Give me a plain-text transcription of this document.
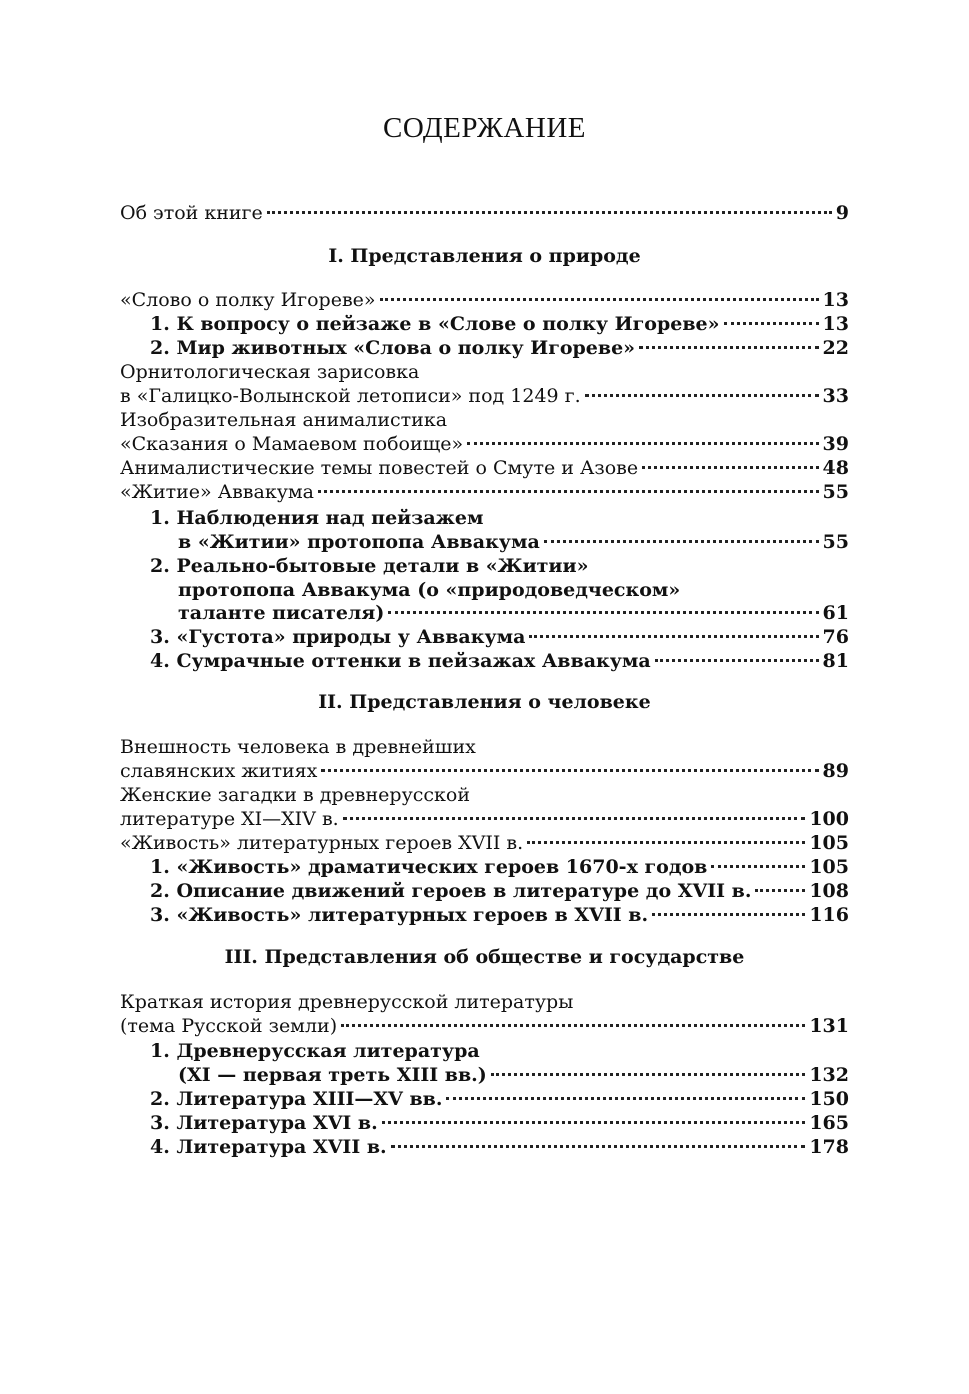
СОДЕРЖАНИЕ
Об этой книге	9
I. Представления о природе
«Слово о полку Игореве»	13
1. К вопросу о пейзаже в «Слове о полку Игореве»	13
2. Мир животных «Слова о полку Игореве»	22
Орнитологическая зарисовка
в «Галицко-Волынской летописи» под 1249 г.	33
Изобразительная анималистика
«Сказания о Мамаевом побоище»	39
Анималистические темы повестей о Смуте и Азове	48
«Житие» Аввакума	55
1. Наблюдения над пейзажем
в «Житии» протопопа Аввакума	55
2. Реально-бытовые детали в «Житии»
протопопа Аввакума (о «природоведческом»
таланте писателя)	61
3. «Густота» природы у Аввакума	76
4. Сумрачные оттенки в пейзажах Аввакума	81
II. Представления о человеке
Внешность человека в древнейших
славянских житиях	89
Женские загадки в древнерусской
литературе XI—XIV в.	100
«Живость» литературных героев XVII в.	105
1. «Живость» драматических героев 1670-х годов	105
2. Описание движений героев в литературе до XVII в.	108
3. «Живость» литературных героев в XVII в.	116
III. Представления об обществе и государстве
Краткая история древнерусской литературы
(тема Русской земли)	131
1. Древнерусская литература
(XI — первая треть XIII вв.)	132
2. Литература XIII—XV вв.	150
3. Литература XVI в.	165
4. Литература XVII в.	178
